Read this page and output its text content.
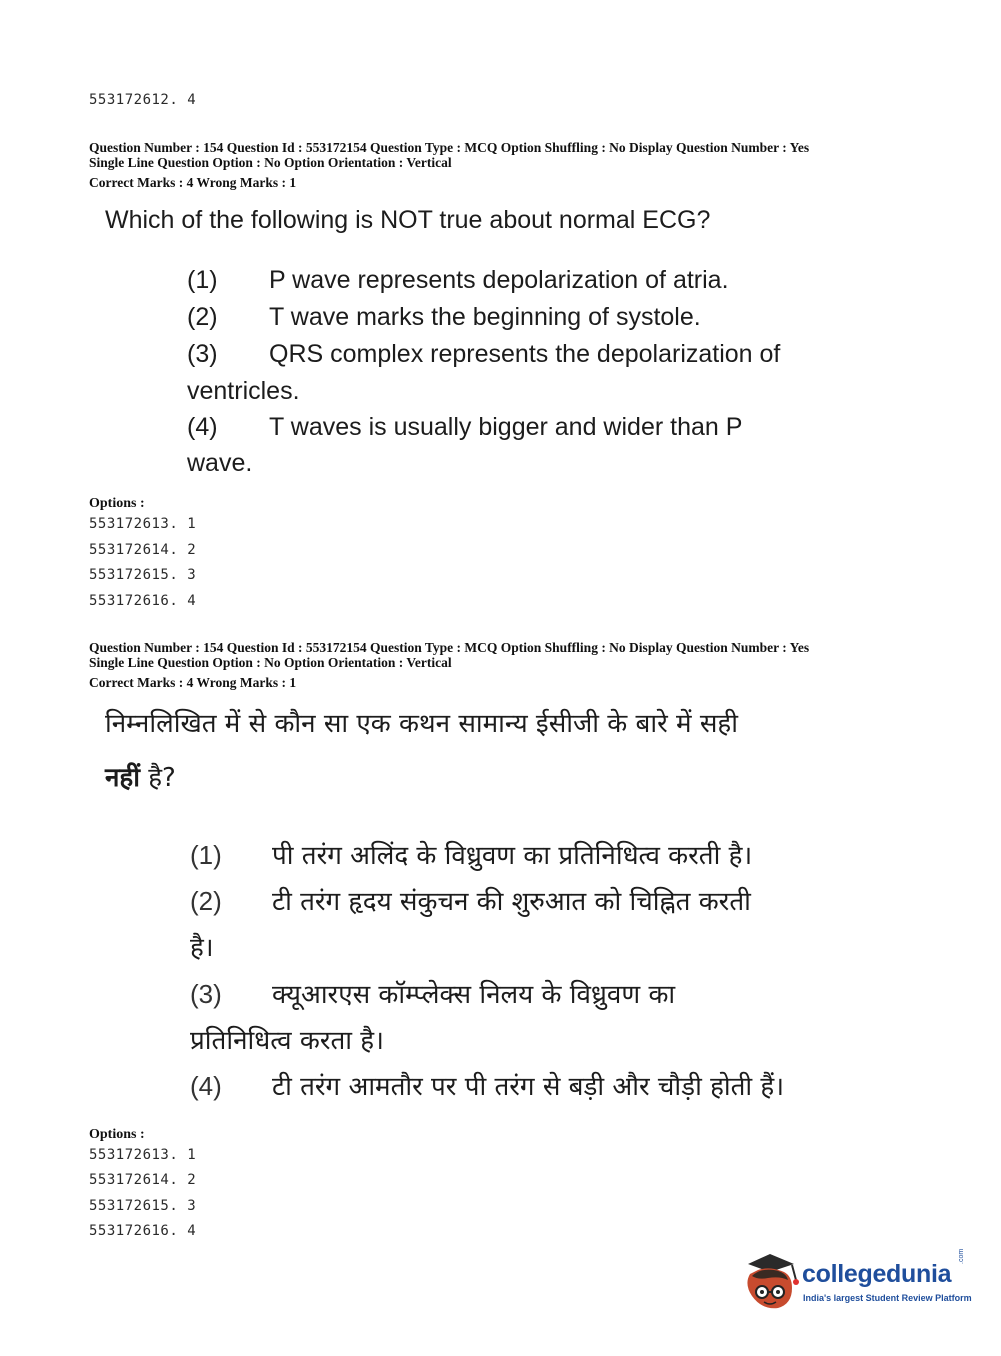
553172612. 4
Question Number : 154 Question Id : 553172154 Question Type : MCQ Option Shuffling : No Display Question Number : Yes
Single Line Question Option : No Option Orientation : Vertical
Correct Marks : 4 Wrong Marks : 1
Which of the following is NOT true about normal ECG?
(1) P wave represents depolarization of atria.
(2) T wave marks the beginning of systole.
(3) QRS complex represents the depolarization of
ventricles.
(4) T waves is usually bigger and wider than P
wave.
Options :
553172613. 1
553172614. 2
553172615. 3
553172616. 4
Question Number : 154 Question Id : 553172154 Question Type : MCQ Option Shuffling : No Display Question Number : Yes
Single Line Question Option : No Option Orientation : Vertical
Correct Marks : 4 Wrong Marks : 1
निम्नलिखित में से कौन सा एक कथन सामान्य ईसीजी के बारे में सही
नहीं है?
(1) पी तरंग अलिंद के विध्रुवण का प्रतिनिधित्व करती है।
(2) टी तरंग हृदय संकुचन की शुरुआत को चिह्नित करती
है।
(3) क्यूआरएस कॉम्प्लेक्स निलय के विध्रुवण का
प्रतिनिधित्व करता है।
(4) टी तरंग आमतौर पर पी तरंग से बड़ी और चौड़ी होती हैं।
Options :
553172613. 1
553172614. 2
553172615. 3
553172616. 4
collegedunia
.com
India's largest Student Review Platform
